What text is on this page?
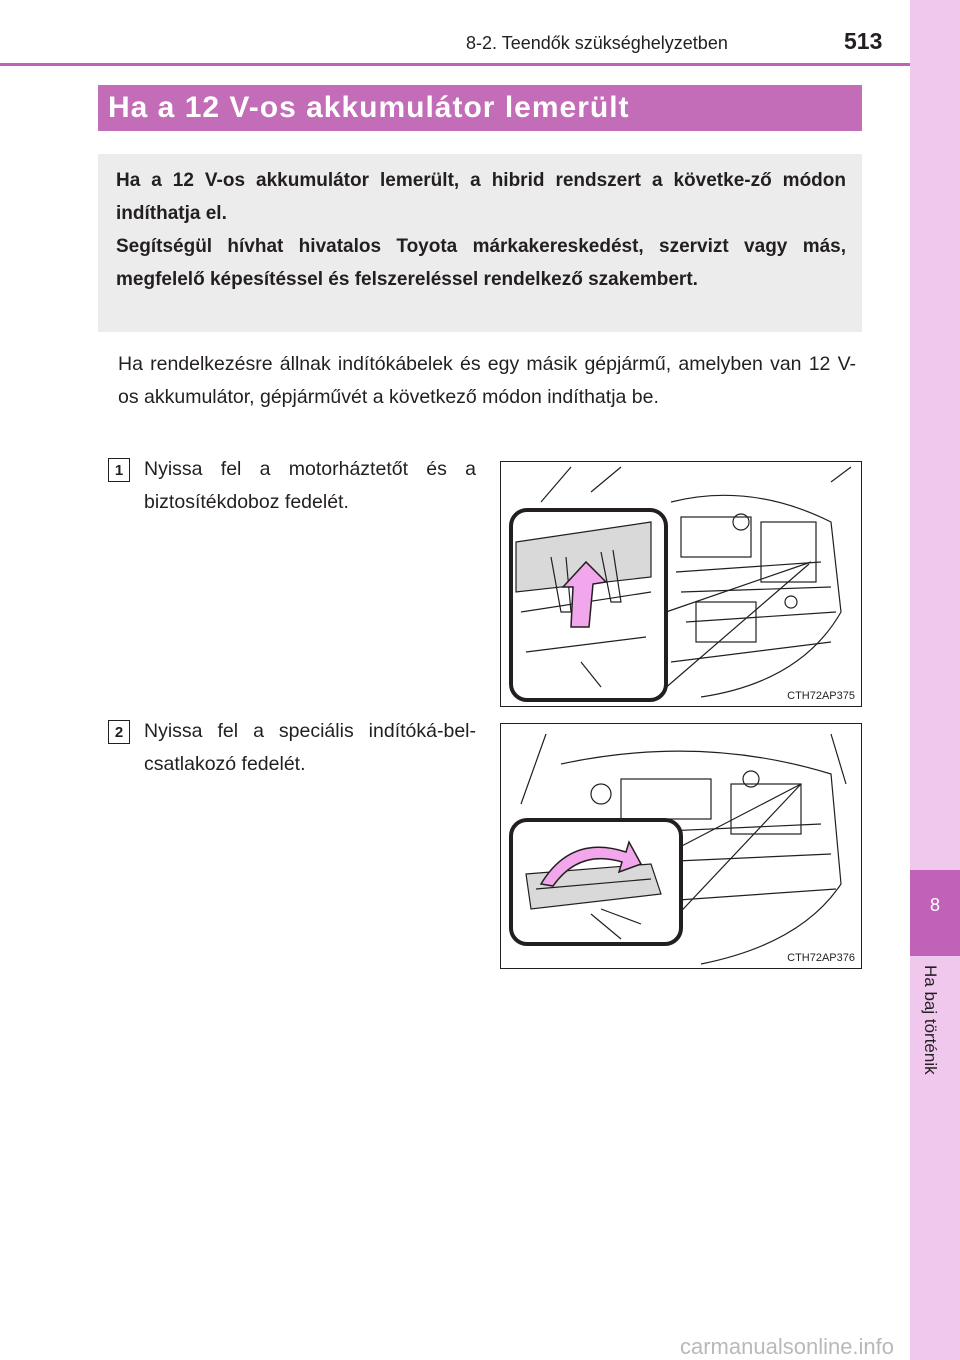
8
Ha baj történik
8-2. Teendők szükséghelyzetben	513
Ha a 12 V-os akkumulátor lemerült

Ha a 12 V-os akkumulátor lemerült, a hibrid rendszert a követke-ző módon indíthatja el.

Segítségül hívhat hivatalos Toyota márkakereskedést, szervizt vagy más, megfelelő képesítéssel és felszereléssel rendelkező szakembert.

Ha rendelkezésre állnak indítókábelek és egy másik gépjármű, amelyben van 12 V-os akkumulátor, gépjárművét a következő módon indíthatja be.

1	Nyissa fel a motorháztetőt és a biztosítékdoboz fedelét.

CTH72AP375
2	Nyissa fel a speciális indítóká-bel-csatlakozó fedelét.

CTH72AP376
carmanualsonline.info
